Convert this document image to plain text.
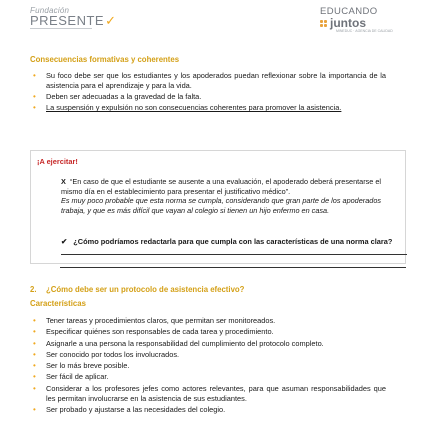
Fundación
PRESENTE✓
EDUCANDO
juntos
MINEDUC · AGENCIA DE CALIDAD
Consecuencias formativas y coherentes
• Su foco debe ser que los estudiantes y los apoderados puedan reflexionar sobre la importancia de la asistencia para el aprendizaje y para la vida.
• Deben ser adecuadas a la gravedad de la falta.
• La suspensión y expulsión no son consecuencias coherentes para promover la asistencia.
¡A ejercitar!
X “En caso de que el estudiante se ausente a una evaluación, el apoderado deberá presentarse el mismo día en el establecimiento para presentar el justificativo médico”.
Es muy poco probable que esta norma se cumpla, considerando que gran parte de los apoderados trabaja, y que es más difícil que vayan al colegio si tienen un hijo enfermo en casa.
✔ ¿Cómo podríamos redactarla para que cumpla con las características de una norma clara?
2. ¿Cómo debe ser un protocolo de asistencia efectivo?
Características
• Tener tareas y procedimientos claros, que permitan ser monitoreados.
• Especificar quiénes son responsables de cada tarea y procedimiento.
• Asignarle a una persona la responsabilidad del cumplimiento del protocolo completo.
• Ser conocido por todos los involucrados.
• Ser lo más breve posible.
• Ser fácil de aplicar.
• Considerar a los profesores jefes como actores relevantes, para que asuman responsabilidades que les permitan involucrarse en la asistencia de sus estudiantes.
• Ser probado y ajustarse a las necesidades del colegio.
